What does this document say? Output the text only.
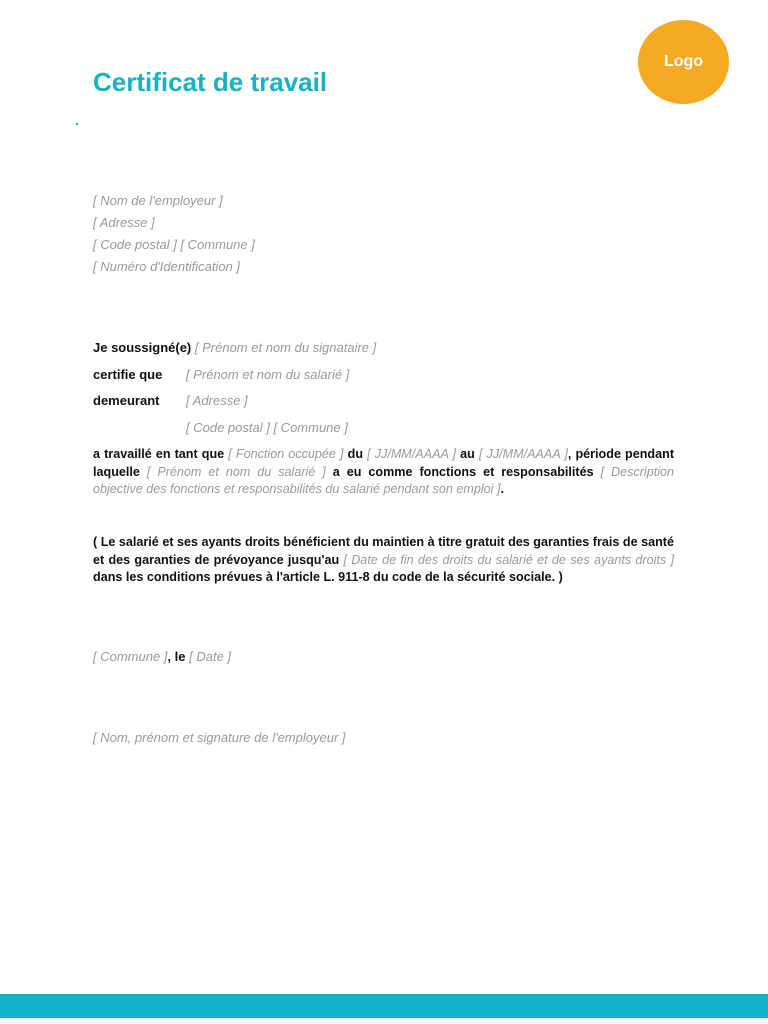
Certificat de travail
Logo
[ Nom de l'employeur ]
[ Adresse ]
[ Code postal ] [ Commune ]
[ Numéro d'Identification ]
Je soussigné(e) [ Prénom et nom du signataire ]
certifie que [ Prénom et nom du salarié ]
demeurant [ Adresse ]
[ Code postal ] [ Commune ]
a travaillé en tant que [ Fonction occupée ] du [ JJ/MM/AAAA ] au [ JJ/MM/AAAA ], période pendant laquelle [ Prénom et nom du salarié ] a eu comme fonctions et responsabilités [ Description objective des fonctions et responsabilités du salarié pendant son emploi ].
( Le salarié et ses ayants droits bénéficient du maintien à titre gratuit des garanties frais de santé et des garanties de prévoyance jusqu'au [ Date de fin des droits du salarié et de ses ayants droits ] dans les conditions prévues à l'article L. 911-8 du code de la sécurité sociale. )
[ Commune ], le [ Date ]
[ Nom, prénom et signature de l'employeur ]
